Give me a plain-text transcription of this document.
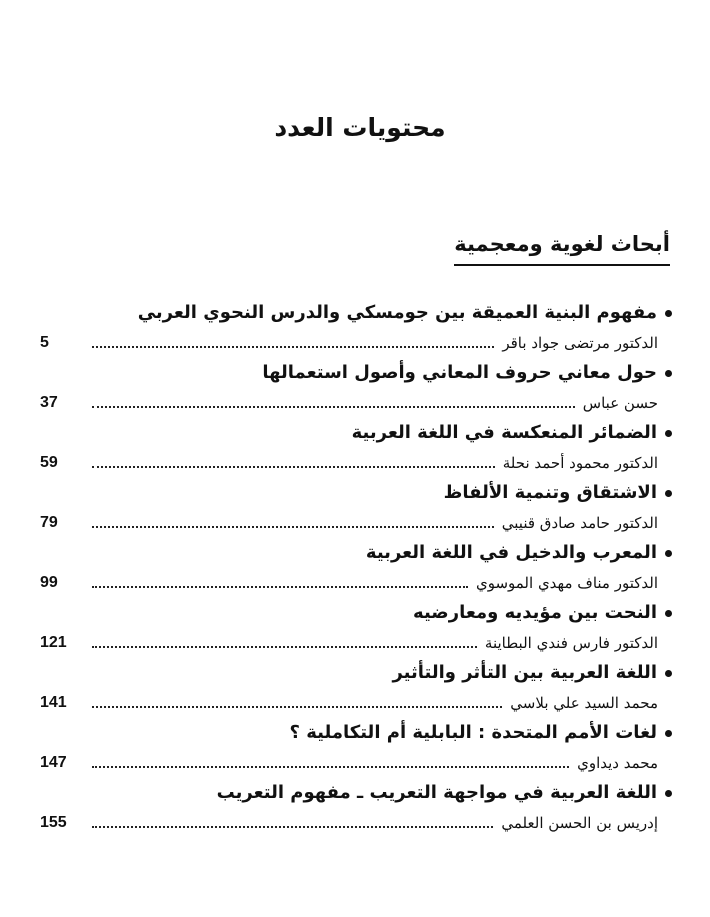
محتويات العدد
أبحاث لغوية ومعجمية
مفهوم البنية العميقة بين جومسكي والدرس النحوي العربي
5	الدكتور مرتضى جواد باقر
حول معاني حروف المعاني وأصول استعمالها
37	حسن عباس
الضمائر المنعكسة في اللغة العربية
59	الدكتور محمود أحمد نحلة
الاشتقاق وتنمية الألفاظ
79	الدكتور حامد صادق قنيبي
المعرب والدخيل في اللغة العربية
99	الدكتور مناف مهدي الموسوي
النحت بين مؤيديه ومعارضيه
121	الدكتور فارس فندي البطاينة
اللغة العربية بين التأثر والتأثير
141	محمد السيد علي بلاسي
لغات الأمم المتحدة : البابلية أم التكاملية ؟
147	محمد ديداوي
اللغة العربية في مواجهة التعريب ـ مفهوم التعريب
155	إدريس بن الحسن العلمي
